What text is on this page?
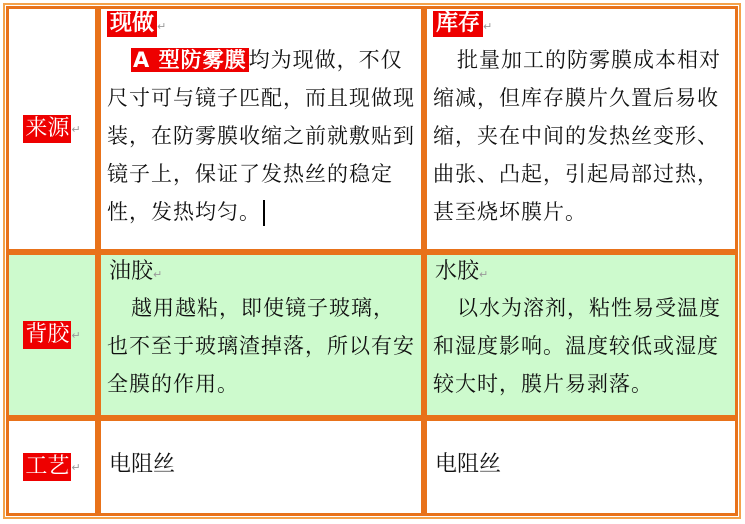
来源 ↵
现做 ↵

A 型防雾膜均为现做，不仅尺寸可与镜子匹配，而且现做现装，在防雾膜收缩之前就敷贴到镜子上，保证了发热丝的稳定性，发热均匀。

库存 ↵

批量加工的防雾膜成本相对缩减，但库存膜片久置后易收缩，夹在中间的发热丝变形、曲张、凸起，引起局部过热，甚至烧坏膜片。

背胶 ↵
油胶↵

越用越粘，即使镜子玻璃，也不至于玻璃渣掉落，所以有安全膜的作用。

水胶↵

以水为溶剂，粘性易受温度和湿度影响。温度较低或湿度较大时，膜片易剥落。

工艺 ↵	电阻丝	电阻丝
